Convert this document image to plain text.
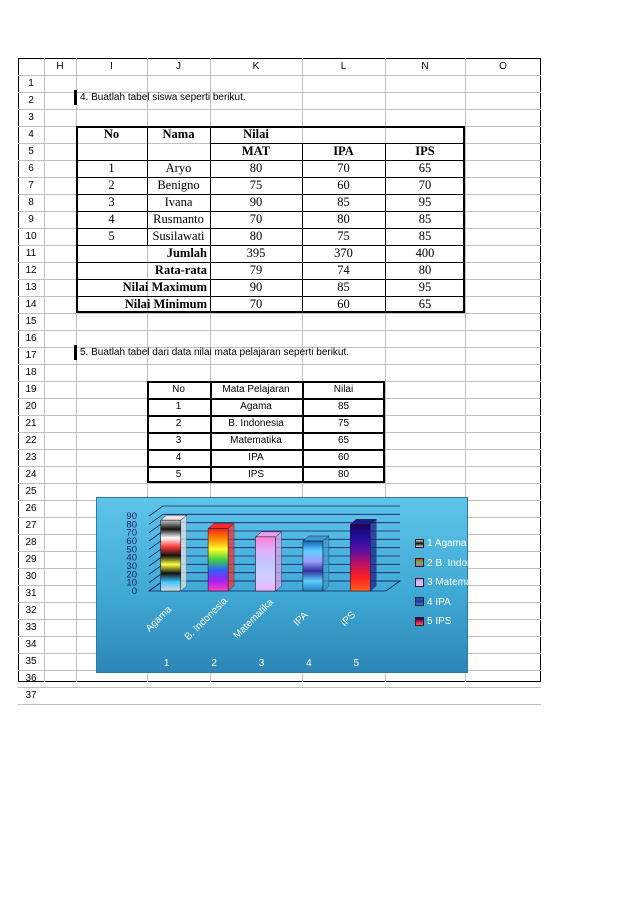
H	I	J	K	L	N	O
1
2
3
4
5
6
7
8
9
10
11
12
13
14
15
16
17
18
19
20
21
22
23
24
25
26
27
28
29
30
31
32
33
34
35
36
37
4. Buatlah tabel siswa seperti berikut.
No	Nama	Nilai
MAT	IPA	IPS
1	Aryo	80	70	65
2	Benigno	75	60	70
3	Ivana	90	85	95
4	Rusmanto	70	80	85
5	Susilawati	80	75	85
Jumlah	395	370	400
Rata-rata	79	74	80
Nilai Maximum	90	85	95
Nilai Minimum	70	60	65
5. Buatlah tabel dari data nilai mata pelajaran seperti berikut.
No	Mata Pelajaran	Nilai
1	Agama	85
2	B. Indonesia	75
3	Matematika	65
4	IPA	60
5	IPS	80
0
10
20
30
40
50
60
70
80
90
Agama
1
B. Indonesia
2
Matematika
3
IPA
4
IPS
5
1 Agama
2 B. Indonesia
3 Matematika
4 IPA
5 IPS
